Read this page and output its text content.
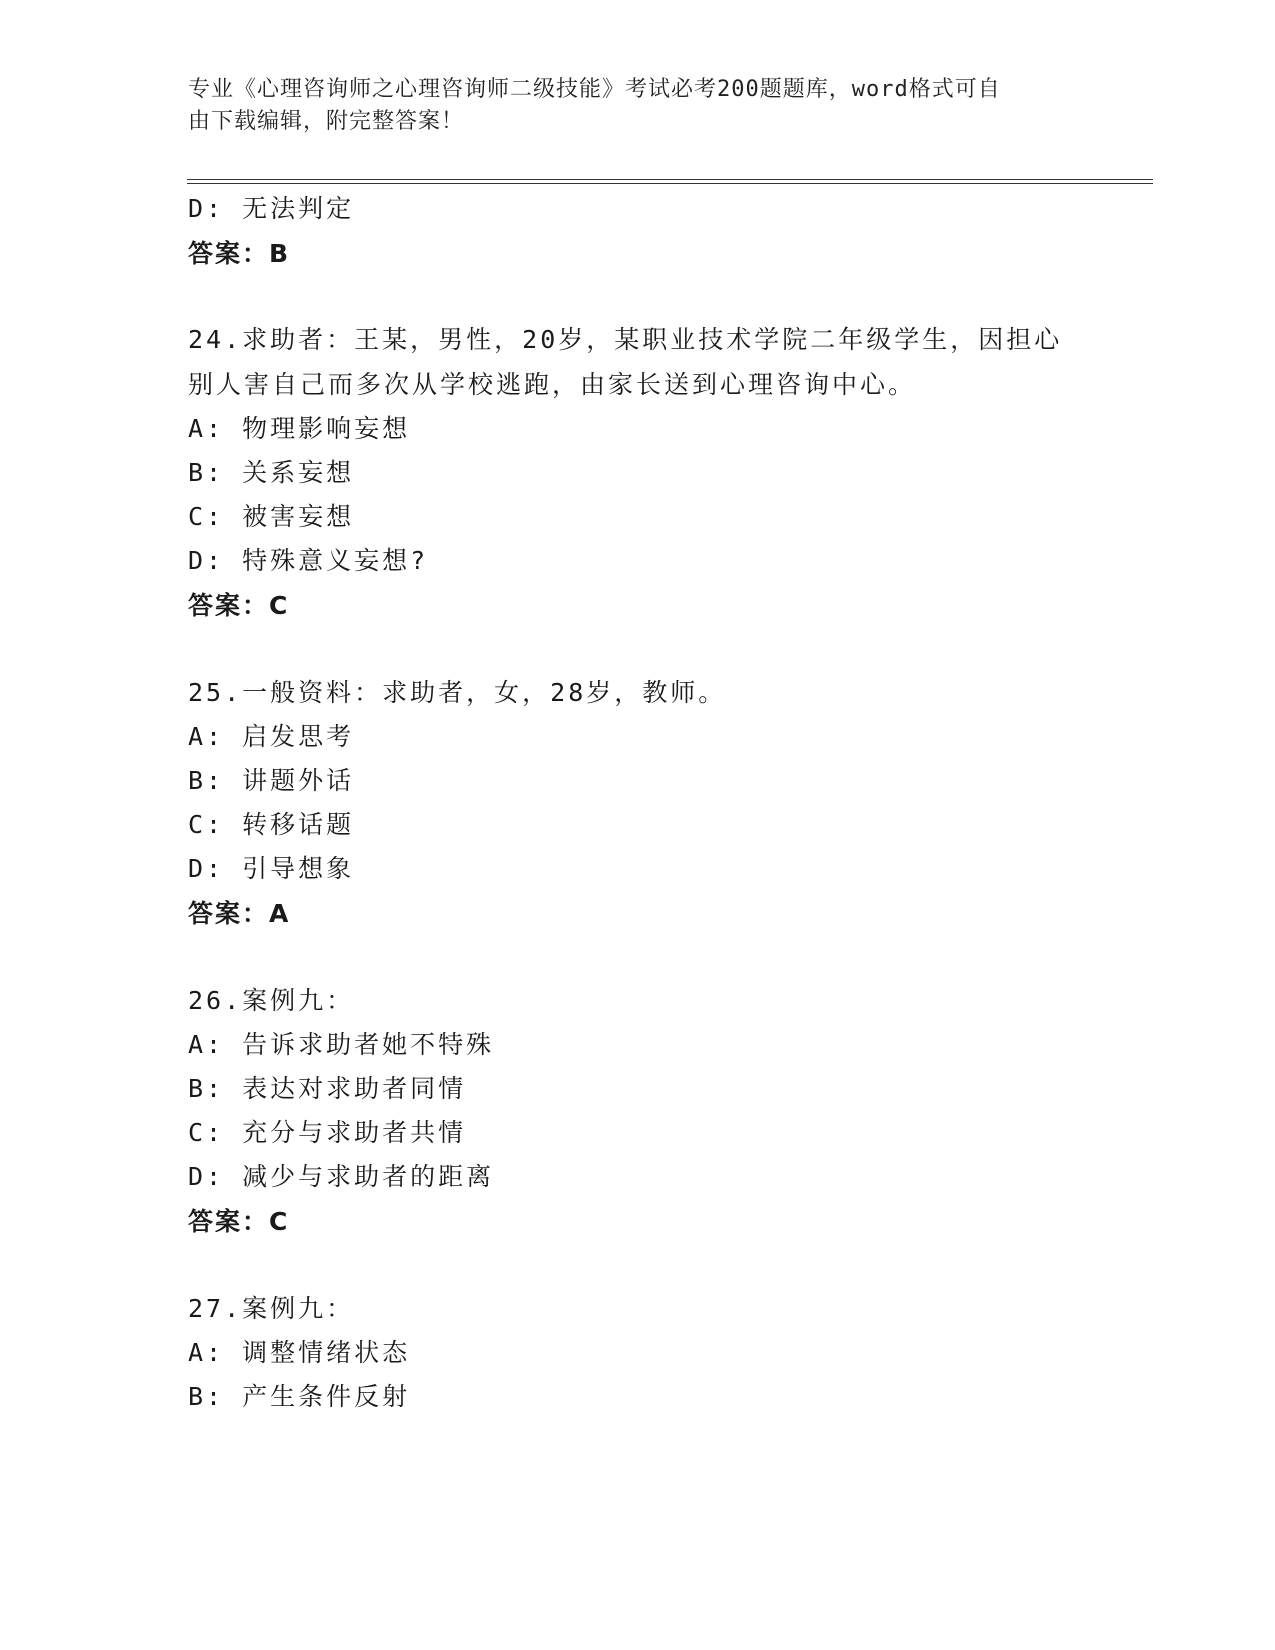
专业《心理咨询师之心理咨询师二级技能》考试必考200题题库，word格式可自
由下载编辑，附完整答案！
D: 无法判定
答案：B
24.求助者：王某，男性，20岁，某职业技术学院二年级学生，因担心
别人害自己而多次从学校逃跑，由家长送到心理咨询中心。
A: 物理影响妄想
B: 关系妄想
C: 被害妄想
D: 特殊意义妄想?
答案：C
25.一般资料：求助者，女，28岁，教师。
A: 启发思考
B: 讲题外话
C: 转移话题
D: 引导想象
答案：A
26.案例九：
A: 告诉求助者她不特殊
B: 表达对求助者同情
C: 充分与求助者共情
D: 减少与求助者的距离
答案：C
27.案例九：
A: 调整情绪状态
B: 产生条件反射
